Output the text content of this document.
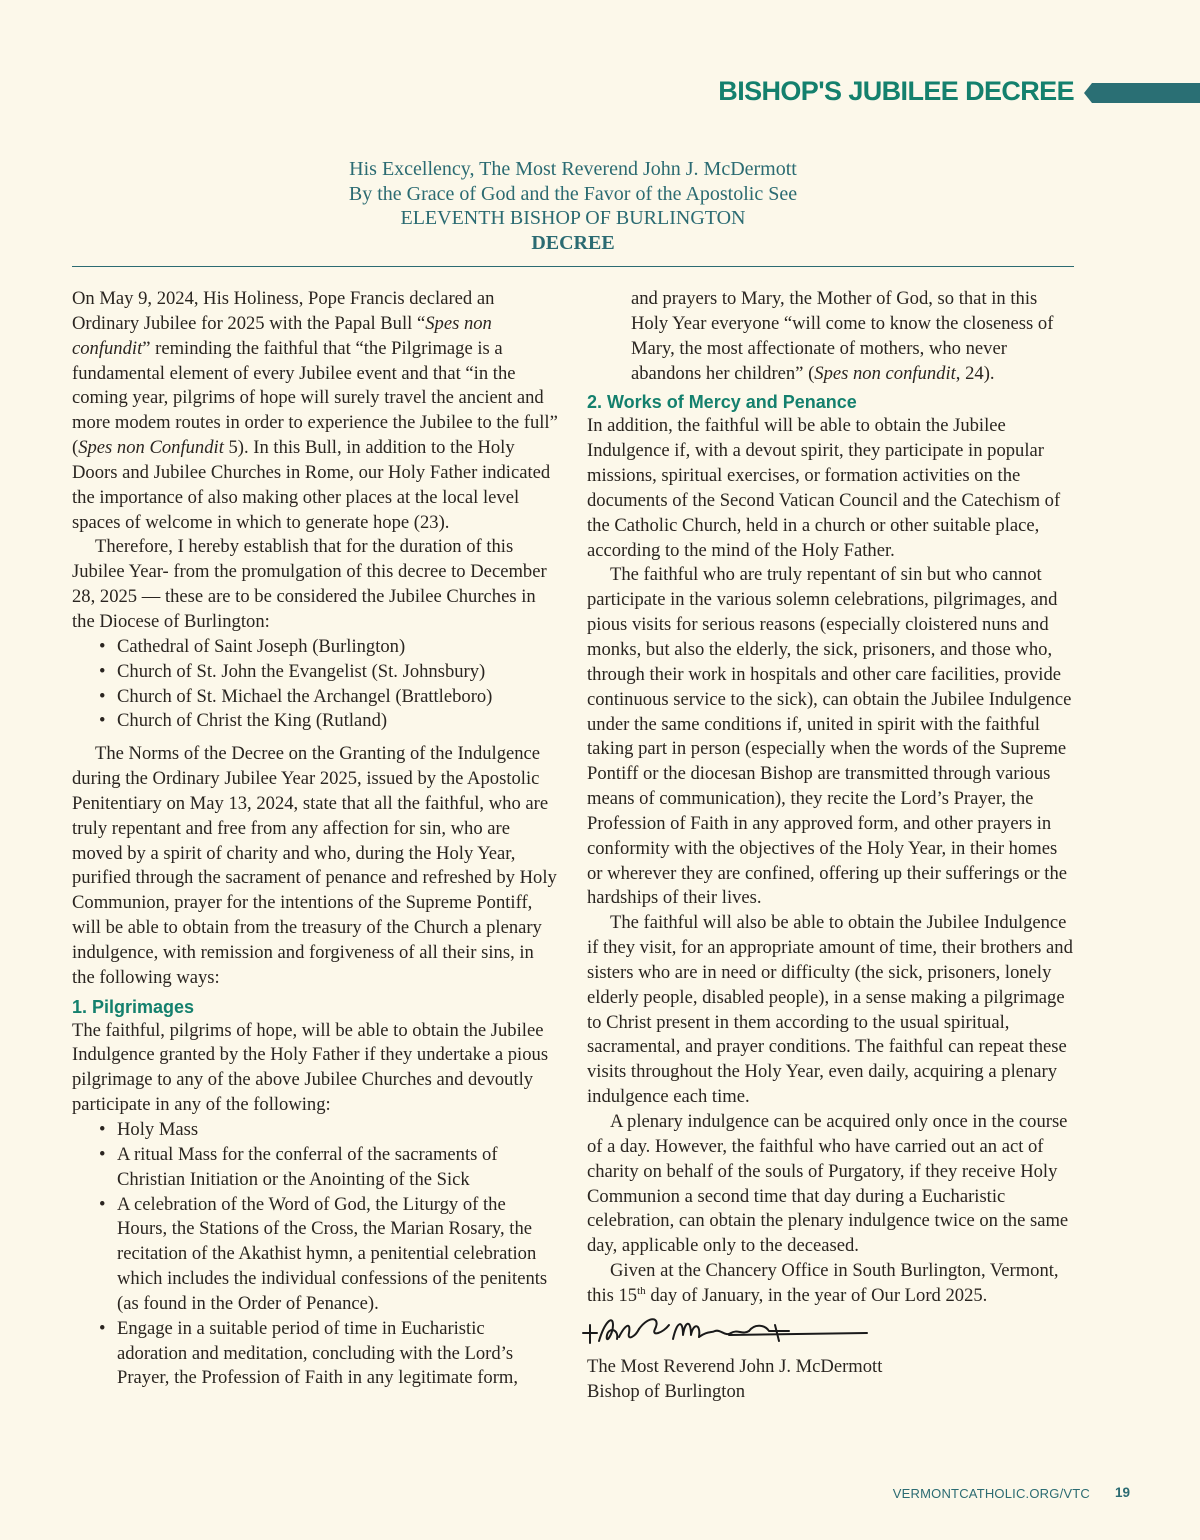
BISHOP'S JUBILEE DECREE
His Excellency, The Most Reverend John J. McDermott
By the Grace of God and the Favor of the Apostolic See
ELEVENTH BISHOP OF BURLINGTON
DECREE

On May 9, 2024, His Holiness, Pope Francis declared an Ordinary Jubilee for 2025 with the Papal Bull “Spes non confundit” reminding the faithful that “the Pilgrimage is a fundamental element of every Jubilee event and that “in the coming year, pilgrims of hope will surely travel the ancient and more modem routes in order to experience the Jubilee to the full” (Spes non Confundit 5). In this Bull, in addition to the Holy Doors and Jubilee Churches in Rome, our Holy Father indicated the importance of also making other places at the local level spaces of welcome in which to generate hope (23).

Therefore, I hereby establish that for the duration of this Jubilee Year- from the promulgation of this decree to December 28, 2025 — these are to be considered the Jubilee Churches in the Diocese of Burlington:

• Cathedral of Saint Joseph (Burlington)
• Church of St. John the Evangelist (St. Johnsbury)
• Church of St. Michael the Archangel (Brattleboro)
• Church of Christ the King (Rutland)

The Norms of the Decree on the Granting of the Indulgence during the Ordinary Jubilee Year 2025, issued by the Apostolic Penitentiary on May 13, 2024, state that all the faithful, who are truly repentant and free from any affection for sin, who are moved by a spirit of charity and who, during the Holy Year, purified through the sacrament of penance and refreshed by Holy Communion, prayer for the intentions of the Supreme Pontiff, will be able to obtain from the treasury of the Church a plenary indulgence, with remission and forgiveness of all their sins, in the following ways:

1. Pilgrimages

The faithful, pilgrims of hope, will be able to obtain the Jubilee Indulgence granted by the Holy Father if they undertake a pious pilgrimage to any of the above Jubilee Churches and devoutly participate in any of the following:

• Holy Mass
• A ritual Mass for the conferral of the sacraments of Christian Initiation or the Anointing of the Sick
• A celebration of the Word of God, the Liturgy of the Hours, the Stations of the Cross, the Marian Rosary, the recitation of the Akathist hymn, a penitential celebration which includes the individual confessions of the penitents (as found in the Order of Penance).
• Engage in a suitable period of time in Eucharistic adoration and meditation, concluding with the Lord’s Prayer, the Profession of Faith in any legitimate form,

and prayers to Mary, the Mother of God, so that in this Holy Year everyone “will come to know the closeness of Mary, the most affectionate of mothers, who never abandons her children” (Spes non confundit, 24).

2. Works of Mercy and Penance

In addition, the faithful will be able to obtain the Jubilee Indulgence if, with a devout spirit, they participate in popular missions, spiritual exercises, or formation activities on the documents of the Second Vatican Council and the Catechism of the Catholic Church, held in a church or other suitable place, according to the mind of the Holy Father.

The faithful who are truly repentant of sin but who cannot participate in the various solemn celebrations, pilgrimages, and pious visits for serious reasons (especially cloistered nuns and monks, but also the elderly, the sick, prisoners, and those who, through their work in hospitals and other care facilities, provide continuous service to the sick), can obtain the Jubilee Indulgence under the same conditions if, united in spirit with the faithful taking part in person (especially when the words of the Supreme Pontiff or the diocesan Bishop are transmitted through various means of communication), they recite the Lord’s Prayer, the Profession of Faith in any approved form, and other prayers in conformity with the objectives of the Holy Year, in their homes or wherever they are confined, offering up their sufferings or the hardships of their lives.

The faithful will also be able to obtain the Jubilee Indulgence if they visit, for an appropriate amount of time, their brothers and sisters who are in need or difficulty (the sick, prisoners, lonely elderly people, disabled people), in a sense making a pilgrimage to Christ present in them according to the usual spiritual, sacramental, and prayer conditions. The faithful can repeat these visits throughout the Holy Year, even daily, acquiring a plenary indulgence each time.

A plenary indulgence can be acquired only once in the course of a day. However, the faithful who have carried out an act of charity on behalf of the souls of Purgatory, if they receive Holy Communion a second time that day during a Eucharistic celebration, can obtain the plenary indulgence twice on the same day, applicable only to the deceased.

Given at the Chancery Office in South Burlington, Vermont, this 15th day of January, in the year of Our Lord 2025.

The Most Reverend John J. McDermott

Bishop of Burlington

VERMONTCATHOLIC.ORG/VTC 19
